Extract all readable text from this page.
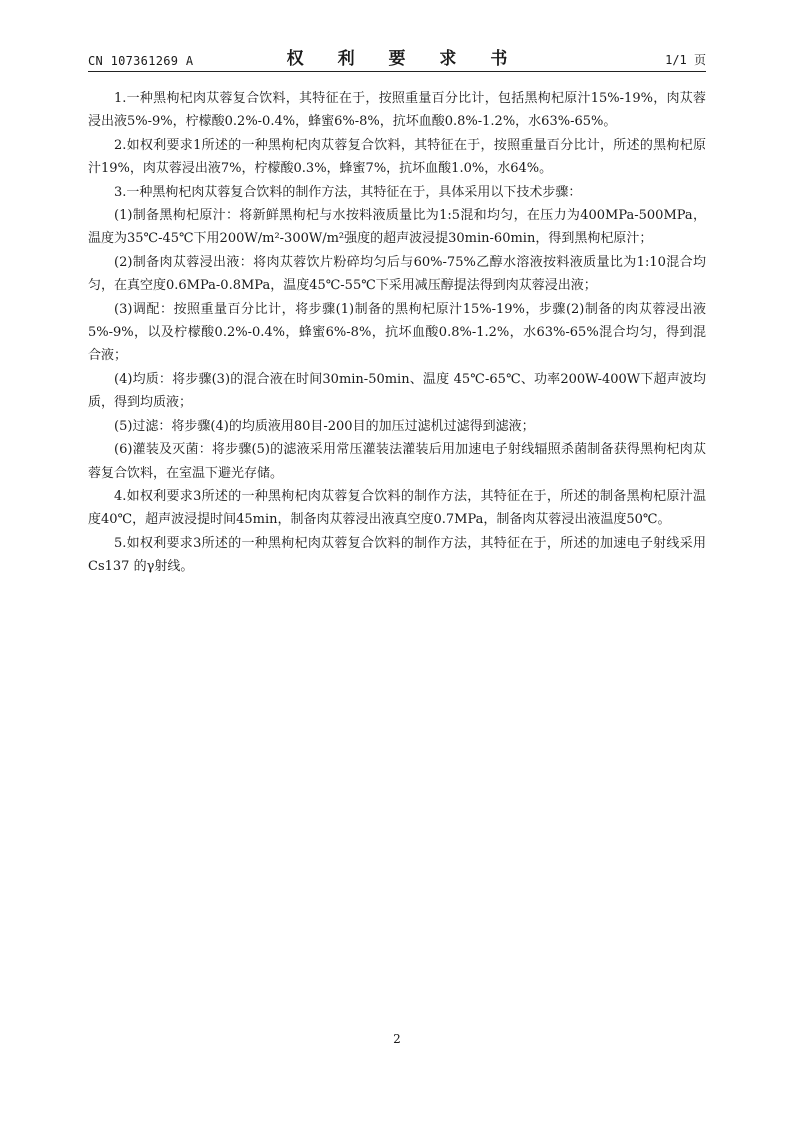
CN 107361269 A	权 利 要 求 书	1/1 页

1.一种黑枸杞肉苁蓉复合饮料，其特征在于，按照重量百分比计，包括黑枸杞原汁15%-19%，肉苁蓉浸出液5%-9%，柠檬酸0.2%-0.4%，蜂蜜6%-8%，抗坏血酸0.8%-1.2%，水63%-65%。

2.如权利要求1所述的一种黑枸杞肉苁蓉复合饮料，其特征在于，按照重量百分比计，所述的黑枸杞原汁19%，肉苁蓉浸出液7%，柠檬酸0.3%，蜂蜜7%，抗坏血酸1.0%，水64%。

3.一种黑枸杞肉苁蓉复合饮料的制作方法，其特征在于，具体采用以下技术步骤：

(1)制备黑枸杞原汁：将新鲜黑枸杞与水按料液质量比为1:5混和均匀，在压力为400MPa-500MPa，温度为35℃-45℃下用200W/m²-300W/m²强度的超声波浸提30min-60min，得到黑枸杞原汁；

(2)制备肉苁蓉浸出液：将肉苁蓉饮片粉碎均匀后与60%-75%乙醇水溶液按料液质量比为1:10混合均匀，在真空度0.6MPa-0.8MPa，温度45℃-55℃下采用减压醇提法得到肉苁蓉浸出液；

(3)调配：按照重量百分比计，将步骤(1)制备的黑枸杞原汁15%-19%，步骤(2)制备的肉苁蓉浸出液5%-9%，以及柠檬酸0.2%-0.4%，蜂蜜6%-8%，抗坏血酸0.8%-1.2%，水63%-65%混合均匀，得到混合液；

(4)均质：将步骤(3)的混合液在时间30min-50min、温度 45℃-65℃、功率200W-400W下超声波均质，得到均质液；

(5)过滤：将步骤(4)的均质液用80目-200目的加压过滤机过滤得到滤液；

(6)灌装及灭菌：将步骤(5)的滤液采用常压灌装法灌装后用加速电子射线辐照杀菌制备获得黑枸杞肉苁蓉复合饮料，在室温下避光存储。

4.如权利要求3所述的一种黑枸杞肉苁蓉复合饮料的制作方法，其特征在于，所述的制备黑枸杞原汁温度40℃，超声波浸提时间45min，制备肉苁蓉浸出液真空度0.7MPa，制备肉苁蓉浸出液温度50℃。

5.如权利要求3所述的一种黑枸杞肉苁蓉复合饮料的制作方法，其特征在于，所述的加速电子射线采用Cs137 的γ射线。

2
